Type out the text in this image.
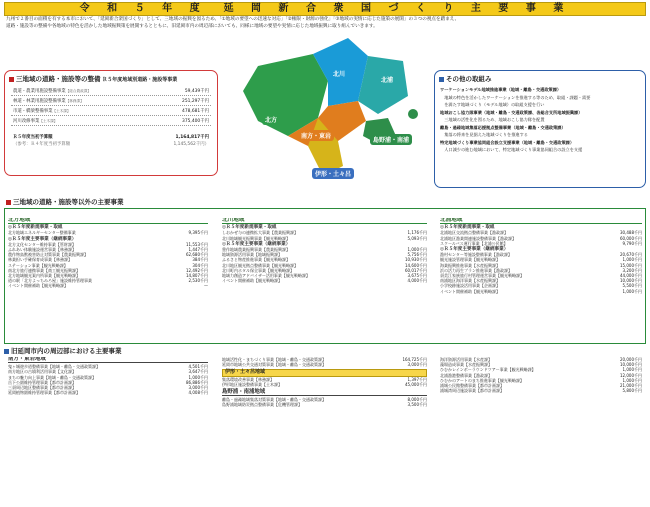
令 和 ５ 年 度　延 岡 新 合 衆 国 づ く り 主 要 事 業
九州で２番目の面積を有する本市において、「延岡新合衆国づくり」として、三地域の振興を図るため、「①地域の要望への迅速な対応」「②権限・財源の強化」「③地域の実情に応じた施策の展開」の３つの視点を踏まえ、
道路・施設等の整備や各地域の特色を活かした地域振興策を展開するとともに、旧延岡市内の周辺部においても、同様に地域の要望や実情に応じた地域振興に取り組んでいきます。
三地域の道路・施設等の整備 Ｒ５年度地域別道路・施設等事業
農道・農業用施設整備事業【総合農政課】	59,439千円
林道・林業用施設整備事業【林務課】	251,297千円
市道・橋梁整備事業【土木課】	478,681千円
河川改修事業【土木課】	375,400千円
Ｒ５年度当初予算額	1,164,817千円
（参考：Ｒ４年度当初予算額	1,145,562千円）
北方
北川
北浦
南方・東岩
島野浦・南浦
伊形・土々呂
その他の取組み
ワーケーションモデル地域推進事業（地域・離島・交通政策課）
　地域の特色を活かしたワーケーションを推進する等のため、取組・課題・需要
　を満たす地域づくり（モデル地域）の取組支援を行い
地域おこし協力隊事業（地域・離島・交通政策課、各総合支所地域振興課）
　三地域の活性化を図るため、地域おこし協力隊を配置
離島・過疎地域集落応援拠点整備事業（地域・離島・交通政策課）
　集落の将来を見据えた地域づくりを推進する
特定地域づくり事業協同組合設立支援事業（地域・離島・交通政策課）
　人口減少の進む地域において、特定地域づくり事業協同組合の設立を支援
三地域の道路・施設等以外の主要事業
北方地域
◎Ｒ５年度新規事業・取組
北方地域エネルギーセンター整備事業	9,395千円
◎Ｒ５年度主要事業（継続事業）
北方文化センター維持事業【管財課】	11,553千円
ふれあい体験施設運営事業【林務課】	1,447千円
農作物鳥獣被害防止対策事業【農業振興課】	62,680千円
林業担い手確保育成事業【林務課】	384千円
ステーション事業【観光戦略課】	304千円
南北方旅行連携事業【商工観光振興課】	12,492千円
北方地域観光案内所事業【観光戦略課】	14,807千円
道の駅「北方よっちみろ屋」施設維持管理事業	2,530千円
イベント開催補助【観光戦略課】	—
北川地域
◎Ｒ５年度新規事業・取組
しおかぜ与の連携拡大事業【農業振興課】	1,176千円
北川地域観光振興事業【観光戦略課】	5,093千円
◎Ｒ５年度主要事業（継続事業）
豊作地域農業振興事業【農業振興課】	1,000千円
地域資源活用事業【地域振興課】	5,756千円
ふるさと物産推進事業【観光戦略課】	10,930千円
北川地区観光拠点整備事業【観光戦略課】	14,600千円
北川町内ホタル保全事業【観光戦略課】	60,017千円
地域力創造アドバイザー活用事業【観光戦略課】	3,675千円
イベント開催補助【観光戦略課】	4,000千円
北浦地域
◎Ｒ５年度新規事業・取組
北浦地区交流拠点整備事業【漁政課】	30,488千円
北浦地区漁業関連施設整備事業【漁政課】	60,000千円
スクールバス運行事業【北浦公民館】	9,790千円
◎Ｒ５年度主要事業（継続事業）
漁村センター等施設整備事業【漁政課】	20,670千円
観光施設管理事業【観光戦略課】	1,000千円
海業振興推進事業【水産振興課】	15,000千円
浜の活力再生プラン推進事業【漁政課】	3,200千円
須美江家族旅行村管理運営事業【観光戦略課】	44,000千円
南浦地区海洋事業【水産振興課】	10,000千円
小学校跡施設活用事業【企画課】	5,500千円
イベント開催補助【観光戦略課】	1,000千円
旧延岡市内の周辺部における主要事業
南方・東岩地域
鬼ヶ城遊歩道整備事業【地域・離島・交通政策課】	4,501千円
南方地区の古墳利活用事業【文化課】	3,647千円
まちの魅力向上事業【地域・離島・交通政策課】	1,000千円
岳下公園維持管理事業【都市計画課】	86,886千円
三須周辺地区整備事業【都市計画課】	3,000千円
延岡植物園維持管理事業【都市計画課】	4,008千円
地域活性化・まちづくり事業【地域・離島・交通政策課】	164,725千円
延岡市地域公共交通対策事業【地域・離島・交通政策課】	3,000千円
伊形・土々呂地域
集落環境改善事業【林務課】	1,397千円
伊形地区施設整備事業【土木課】	45,000千円
島野浦・南浦地域
離島・過疎地域集落対策事業【地域・離島・交通政策課】	8,000千円
島野浦地域防災拠点整備事業【危機管理課】	3,500千円
海洋資源活用事業【水産課】	20,000千円
藻場造成事業【水産振興課】	10,000千円
ひむかレインボーラウンドツアー事業【観光戦略課】	1,000千円
北浦漁港整備事業【漁政課】	12,000千円
ひむかのアートのまち推進事業【観光戦略課】	1,000千円
浦城公民館整備事業【都市計画課】	21,000千円
浦城湾周辺施設事業【都市計画課】	5,800千円
